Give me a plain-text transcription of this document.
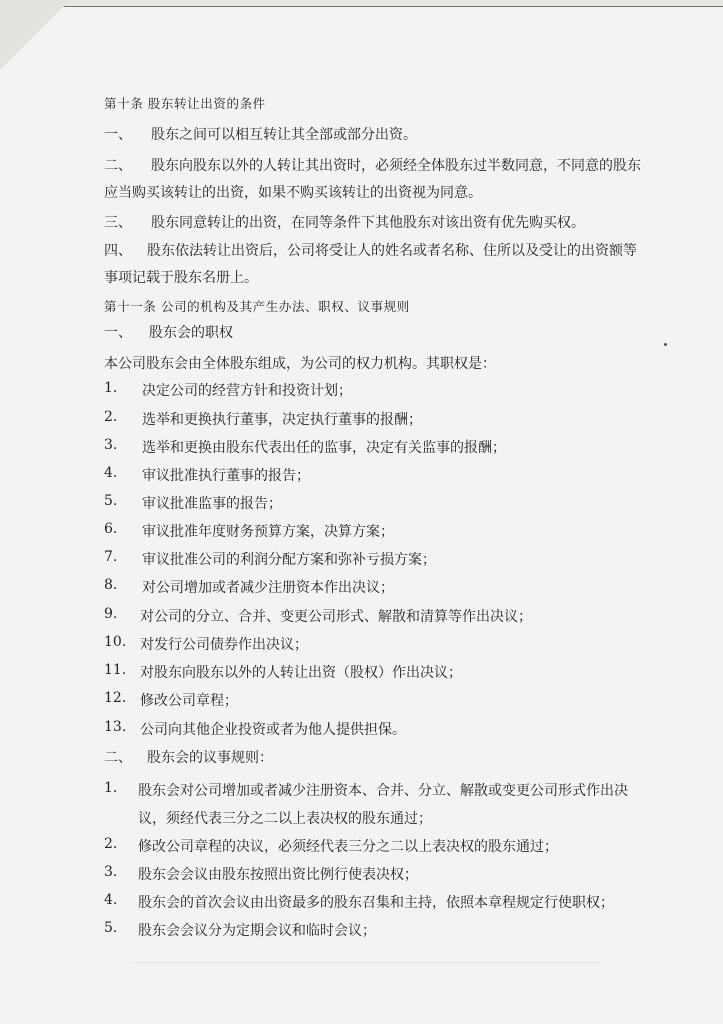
第十条 股东转让出资的条件
一、 股东之间可以相互转让其全部或部分出资。
二、 股东向股东以外的人转让其出资时，必须经全体股东过半数同意，不同意的股东
应当购买该转让的出资，如果不购买该转让的出资视为同意。
三、 股东同意转让的出资，在同等条件下其他股东对该出资有优先购买权。
四、 股东依法转让出资后，公司将受让人的姓名或者名称、住所以及受让的出资额等
事项记载于股东名册上。
第十一条 公司的机构及其产生办法、职权、议事规则
一、 股东会的职权
本公司股东会由全体股东组成，为公司的权力机构。其职权是：
1. 决定公司的经营方针和投资计划；
2. 选举和更换执行董事，决定执行董事的报酬；
3. 选举和更换由股东代表出任的监事，决定有关监事的报酬；
4. 审议批准执行董事的报告；
5. 审议批准监事的报告；
6. 审议批准年度财务预算方案，决算方案；
7. 审议批准公司的利润分配方案和弥补亏损方案；
8. 对公司增加或者减少注册资本作出决议；
9. 对公司的分立、合并、变更公司形式、解散和清算等作出决议；
10. 对发行公司债券作出决议；
11. 对股东向股东以外的人转让出资（股权）作出决议；
12. 修改公司章程；
13. 公司向其他企业投资或者为他人提供担保。
二、 股东会的议事规则：
1. 股东会对公司增加或者减少注册资本、合并、分立、解散或变更公司形式作出决
议，须经代表三分之二以上表决权的股东通过；
2. 修改公司章程的决议，必须经代表三分之二以上表决权的股东通过；
3. 股东会会议由股东按照出资比例行使表决权；
4. 股东会的首次会议由出资最多的股东召集和主持，依照本章程规定行使职权；
5. 股东会会议分为定期会议和临时会议；
